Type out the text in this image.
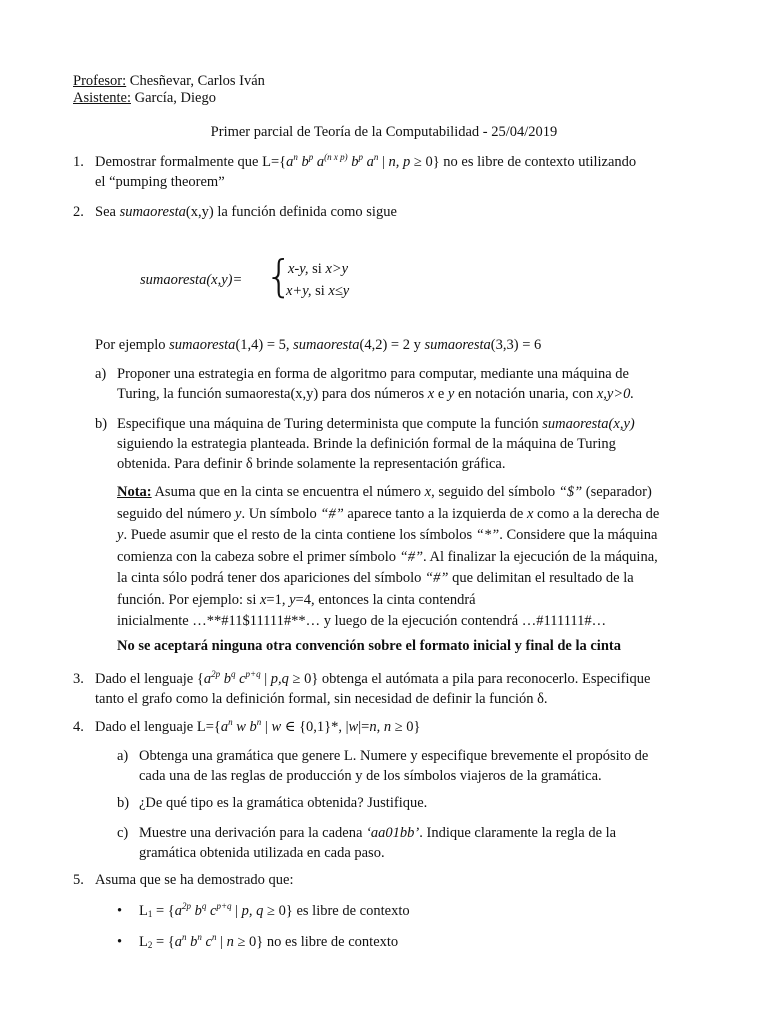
Profesor: Chesñevar, Carlos Iván
Asistente: García, Diego
Primer parcial de Teoría de la Computabilidad - 25/04/2019
1. Demostrar formalmente que $L=\{a^n$ $b^p$ $a^{(n x p)}$ $b^p$ $a^n$ | n, p ≥ 0} no es libre de contexto utilizando
el “pumping theorem”
2. Sea sumaoresta(x,y) la función definida como sigue
sumaoresta(x,y)= {
x-y, si x>y
x+y, si x≤y
Por ejemplo sumaoresta(1,4) = 5, sumaoresta(4,2) = 2 y sumaoresta(3,3) = 6
a) Proponer una estrategia en forma de algoritmo para computar, mediante una máquina de
Turing, la función sumaoresta(x,y) para dos números x e y en notación unaria, con x,y>0.
b) Especifique una máquina de Turing determinista que compute la función sumaoresta(x,y)
siguiendo la estrategia planteada. Brinde la definición formal de la máquina de Turing
obtenida. Para definir δ brinde solamente la representación gráfica.
Nota: Asuma que en la cinta se encuentra el número x, seguido del símbolo “$” (separador)
seguido del número y. Un símbolo “#” aparece tanto a la izquierda de x como a la derecha de
y. Puede asumir que el resto de la cinta contiene los símbolos “*”. Considere que la máquina
comienza con la cabeza sobre el primer símbolo “#”. Al finalizar la ejecución de la máquina,
la cinta sólo podrá tener dos apariciones del símbolo “#” que delimitan el resultado de la
función. Por ejemplo: si x=1, y=4, entonces la cinta contendrá
inicialmente …**#11$11111#**… y luego de la ejecución contendrá …#111111#…
No se aceptará ninguna otra convención sobre el formato inicial y final de la cinta
3. Dado el lenguaje {$a^{2p}$ $b^q$ $c^{p+q}$ | p,q ≥ 0} obtenga el autómata a pila para reconocerlo. Especifique
tanto el grafo como la definición formal, sin necesidad de definir la función δ.
4. Dado el lenguaje $L=\{a^n$ w $b^n$ | w ∈ {0,1}*, |w|=n, n ≥ 0}
a) Obtenga una gramática que genere L. Numere y especifique brevemente el propósito de
cada una de las reglas de producción y de los símbolos viajeros de la gramática.
b) ¿De qué tipo es la gramática obtenida? Justifique.
c) Muestre una derivación para la cadena ‘aa01bb’. Indique claramente la regla de la
gramática obtenida utilizada en cada paso.
5. Asuma que se ha demostrado que:
• $L_1 = \{a^{2p}$ $b^q$ $c^{p+q}$ | p, q ≥ 0} es libre de contexto
• $L_2 = \{a^n$ $b^n$ $c^n$ | n ≥ 0} no es libre de contexto
